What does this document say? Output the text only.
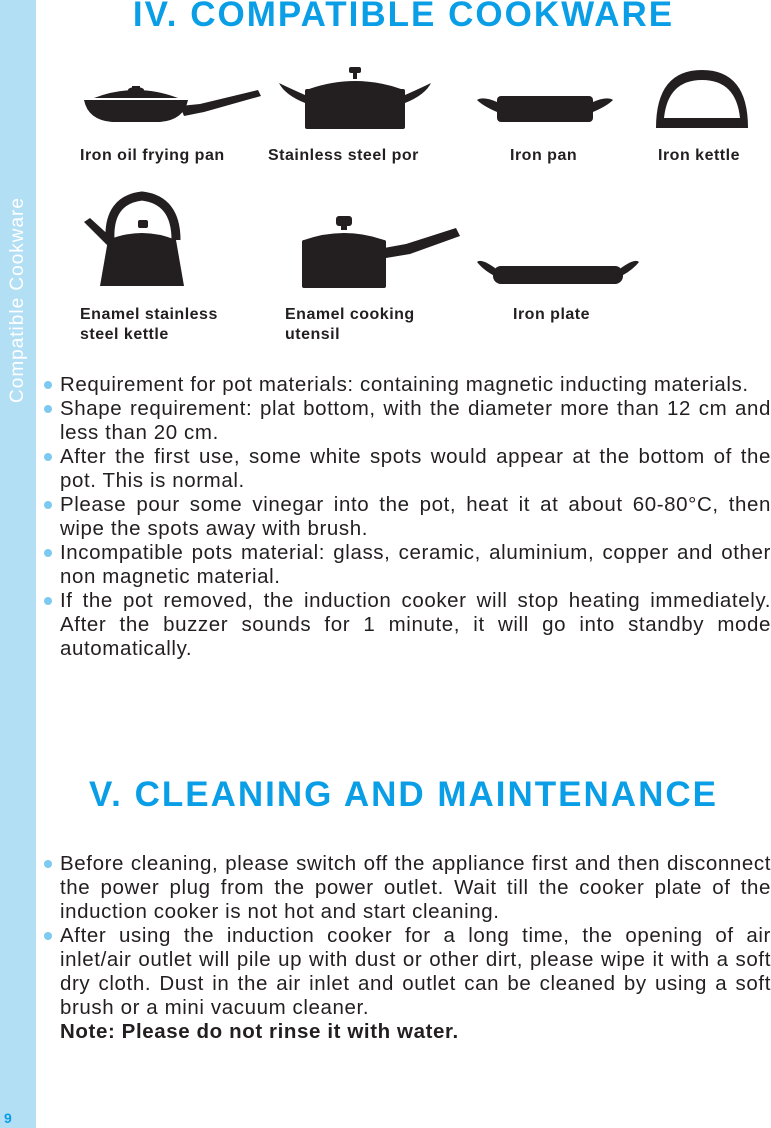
Compatible Cookware
9
IV. COMPATIBLE COOKWARE
Iron oil frying pan	Stainless steel por	Iron pan	Iron kettle
Enamel stainless steel kettle
Enamel cooking utensil
Iron plate
Requirement for pot materials: containing magnetic inducting materials.
Shape requirement: plat bottom, with the diameter more than 12 cm and less than 20 cm.
After the first use, some white spots would appear at the bottom of the pot. This is normal.
Please pour some vinegar into the pot, heat it at about 60-80°C, then wipe the spots away with brush.
Incompatible pots material: glass, ceramic, aluminium, copper and other non magnetic material.
If the pot removed, the induction cooker will stop heating immediately. After the buzzer sounds for 1 minute, it will go into standby mode automatically.
V. CLEANING AND MAINTENANCE
Before cleaning, please switch off the appliance first and then disconnect the power plug from the power outlet. Wait till the cooker plate of the induction cooker is not hot and start cleaning.
After using the induction cooker for a long time, the opening of air inlet/air outlet will pile up with dust or other dirt, please wipe it with a soft dry cloth. Dust in the air inlet and outlet can be cleaned by using a soft brush or a mini vacuum cleaner.
Note: Please do not rinse it with water.
